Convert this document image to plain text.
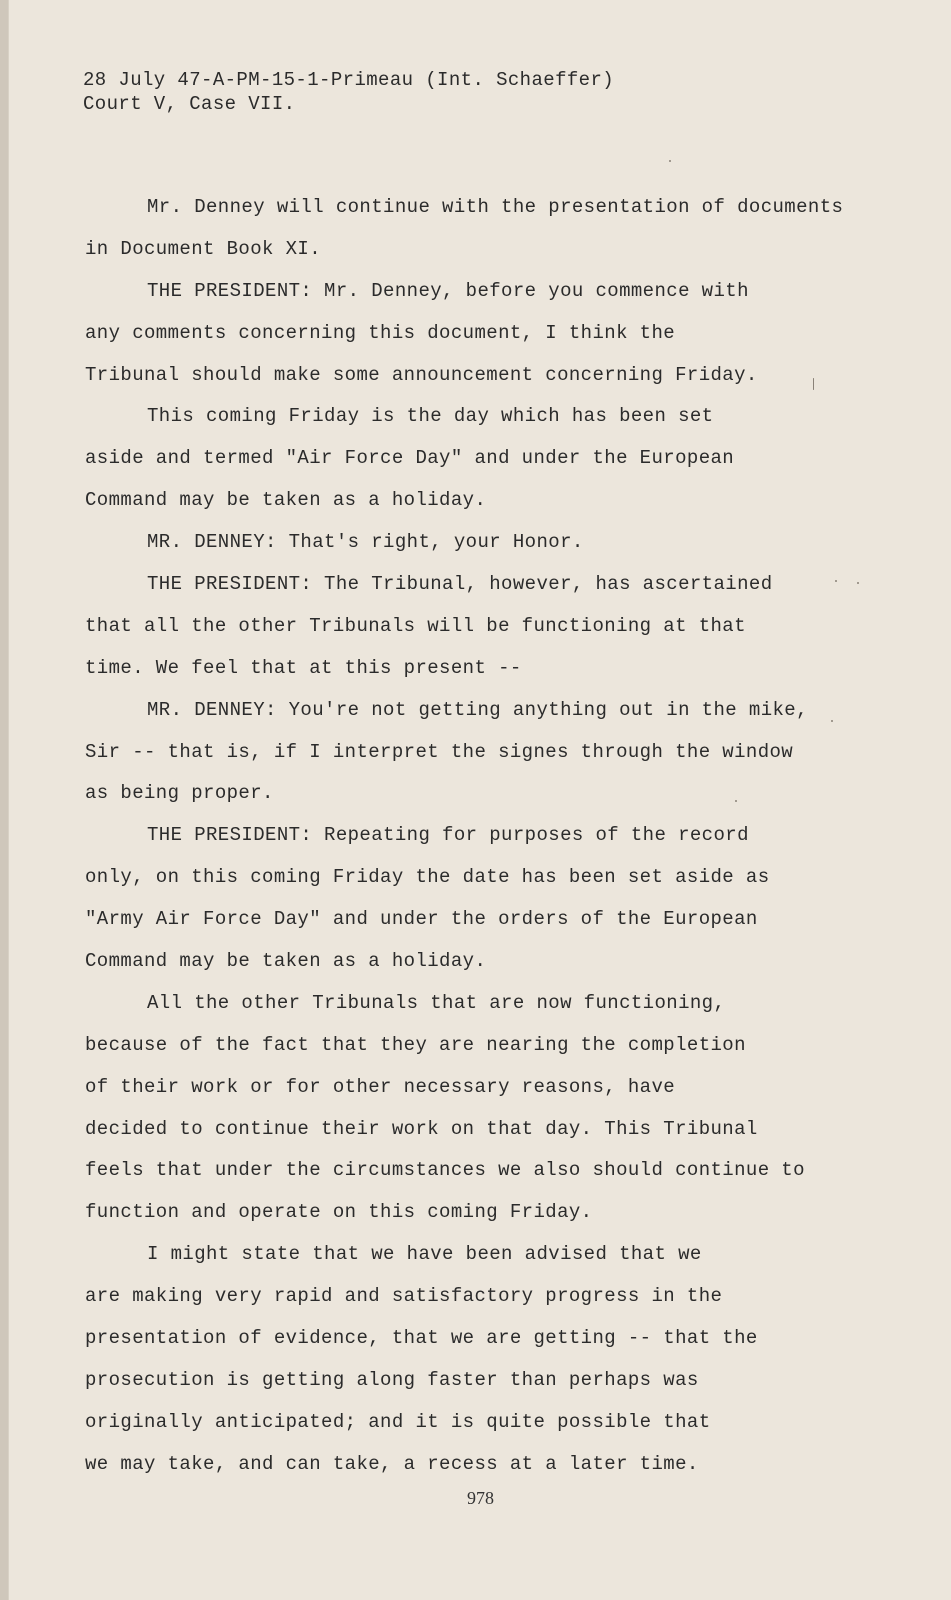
28 July 47-A-PM-15-1-Primeau (Int. Schaeffer)
Court V, Case VII.
Mr. Denney will continue with the presentation of documents
in Document Book XI.
THE PRESIDENT: Mr. Denney, before you commence with
any comments concerning this document, I think the
Tribunal should make some announcement concerning Friday.
This coming Friday is the day which has been set
aside and termed "Air Force Day" and under the European
Command may be taken as a holiday.
MR. DENNEY: That's right, your Honor.
THE PRESIDENT: The Tribunal, however, has ascertained
that all the other Tribunals will be functioning at that
time. We feel that at this present --
MR. DENNEY: You're not getting anything out in the mike,
Sir -- that is, if I interpret the signes through the window
as being proper.
THE PRESIDENT: Repeating for purposes of the record
only, on this coming Friday the date has been set aside as
"Army Air Force Day" and under the orders of the European
Command may be taken as a holiday.
All the other Tribunals that are now functioning,
because of the fact that they are nearing the completion
of their work or for other necessary reasons, have
decided to continue their work on that day. This Tribunal
feels that under the circumstances we also should continue to
function and operate on this coming Friday.
I might state that we have been advised that we
are making very rapid and satisfactory progress in the
presentation of evidence, that we are getting -- that the
prosecution is getting along faster than perhaps was
originally anticipated; and it is quite possible that
we may take, and can take, a recess at a later time.
978
